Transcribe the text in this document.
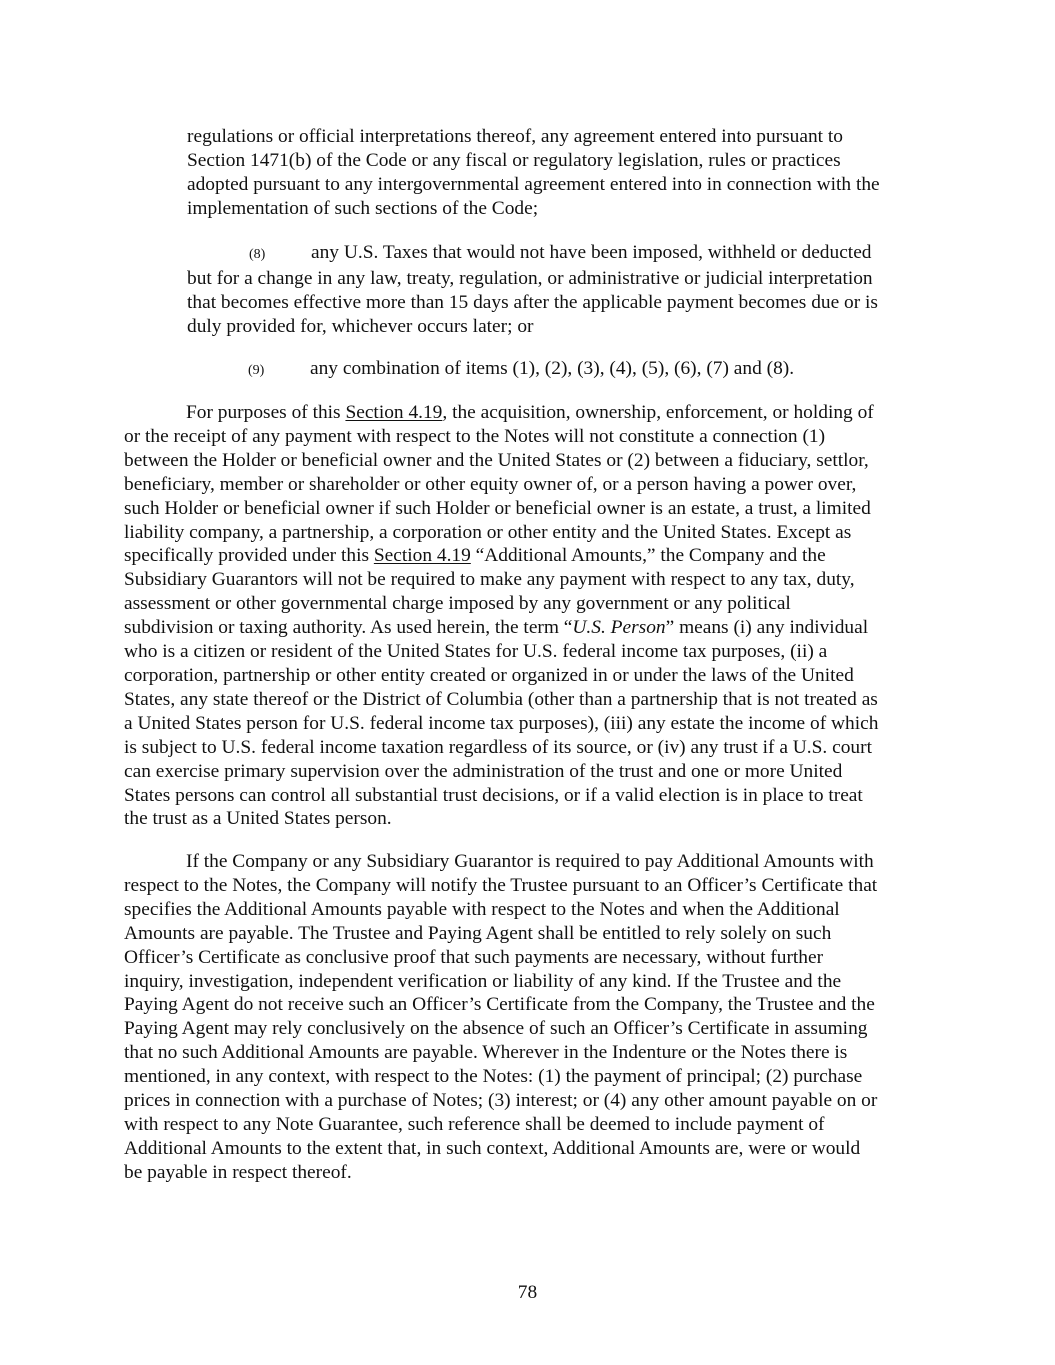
regulations or official interpretations thereof, any agreement entered into pursuant to
Section 1471(b) of the Code or any fiscal or regulatory legislation, rules or practices
adopted pursuant to any intergovernmental agreement entered into in connection with the
implementation of such sections of the Code;
(8) any U.S. Taxes that would not have been imposed, withheld or deducted
but for a change in any law, treaty, regulation, or administrative or judicial interpretation
that becomes effective more than 15 days after the applicable payment becomes due or is
duly provided for, whichever occurs later; or
(9) any combination of items (1), (2), (3), (4), (5), (6), (7) and (8).
For purposes of this Section 4.19, the acquisition, ownership, enforcement, or holding of
or the receipt of any payment with respect to the Notes will not constitute a connection (1)
between the Holder or beneficial owner and the United States or (2) between a fiduciary, settlor,
beneficiary, member or shareholder or other equity owner of, or a person having a power over,
such Holder or beneficial owner if such Holder or beneficial owner is an estate, a trust, a limited
liability company, a partnership, a corporation or other entity and the United States. Except as
specifically provided under this Section 4.19 “Additional Amounts,” the Company and the
Subsidiary Guarantors will not be required to make any payment with respect to any tax, duty,
assessment or other governmental charge imposed by any government or any political
subdivision or taxing authority. As used herein, the term “U.S. Person” means (i) any individual
who is a citizen or resident of the United States for U.S. federal income tax purposes, (ii) a
corporation, partnership or other entity created or organized in or under the laws of the United
States, any state thereof or the District of Columbia (other than a partnership that is not treated as
a United States person for U.S. federal income tax purposes), (iii) any estate the income of which
is subject to U.S. federal income taxation regardless of its source, or (iv) any trust if a U.S. court
can exercise primary supervision over the administration of the trust and one or more United
States persons can control all substantial trust decisions, or if a valid election is in place to treat
the trust as a United States person.
If the Company or any Subsidiary Guarantor is required to pay Additional Amounts with
respect to the Notes, the Company will notify the Trustee pursuant to an Officer’s Certificate that
specifies the Additional Amounts payable with respect to the Notes and when the Additional
Amounts are payable. The Trustee and Paying Agent shall be entitled to rely solely on such
Officer’s Certificate as conclusive proof that such payments are necessary, without further
inquiry, investigation, independent verification or liability of any kind. If the Trustee and the
Paying Agent do not receive such an Officer’s Certificate from the Company, the Trustee and the
Paying Agent may rely conclusively on the absence of such an Officer’s Certificate in assuming
that no such Additional Amounts are payable. Wherever in the Indenture or the Notes there is
mentioned, in any context, with respect to the Notes: (1) the payment of principal; (2) purchase
prices in connection with a purchase of Notes; (3) interest; or (4) any other amount payable on or
with respect to any Note Guarantee, such reference shall be deemed to include payment of
Additional Amounts to the extent that, in such context, Additional Amounts are, were or would
be payable in respect thereof.
78
